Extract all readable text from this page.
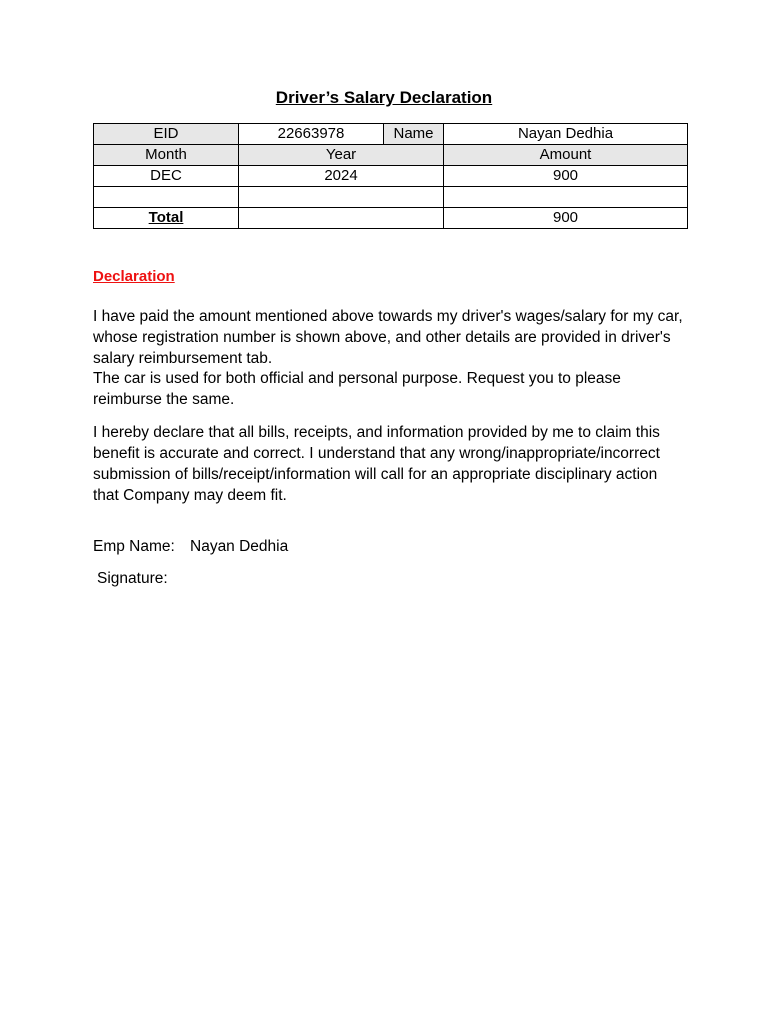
Driver’s Salary Declaration
EID	22663978	Name	Nayan Dedhia
Month	Year		Amount
DEC	2024		900

Total			900
Declaration
I have paid the amount mentioned above towards my driver's wages/salary for my car, whose registration number is shown above, and other details are provided in driver's salary reimbursement tab.
The car is used for both official and personal purpose. Request you to please reimburse the same.
I hereby declare that all bills, receipts, and information provided by me to claim this benefit is accurate and correct. I understand that any wrong/inappropriate/incorrect submission of bills/receipt/information will call for an appropriate disciplinary action that Company may deem fit.
Emp Name: Nayan Dedhia
Signature:
